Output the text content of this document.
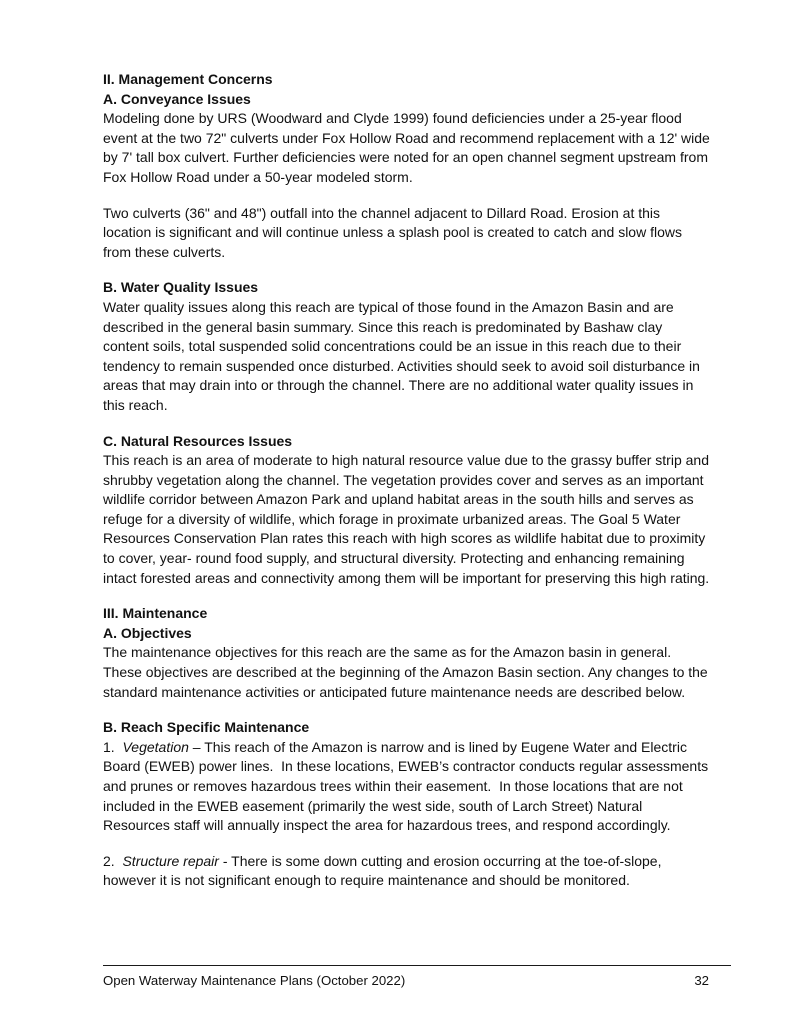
II. Management Concerns
A. Conveyance Issues

Modeling done by URS (Woodward and Clyde 1999) found deficiencies under a 25-year flood event at the two 72" culverts under Fox Hollow Road and recommend replacement with a 12' wide by 7' tall box culvert. Further deficiencies were noted for an open channel segment upstream from Fox Hollow Road under a 50-year modeled storm.

Two culverts (36" and 48") outfall into the channel adjacent to Dillard Road. Erosion at this location is significant and will continue unless a splash pool is created to catch and slow flows from these culverts.

B. Water Quality Issues

Water quality issues along this reach are typical of those found in the Amazon Basin and are described in the general basin summary. Since this reach is predominated by Bashaw clay content soils, total suspended solid concentrations could be an issue in this reach due to their tendency to remain suspended once disturbed. Activities should seek to avoid soil disturbance in areas that may drain into or through the channel. There are no additional water quality issues in this reach.

C. Natural Resources Issues

This reach is an area of moderate to high natural resource value due to the grassy buffer strip and shrubby vegetation along the channel. The vegetation provides cover and serves as an important wildlife corridor between Amazon Park and upland habitat areas in the south hills and serves as refuge for a diversity of wildlife, which forage in proximate urbanized areas. The Goal 5 Water Resources Conservation Plan rates this reach with high scores as wildlife habitat due to proximity to cover, year- round food supply, and structural diversity. Protecting and enhancing remaining intact forested areas and connectivity among them will be important for preserving this high rating.

III. Maintenance
A. Objectives

The maintenance objectives for this reach are the same as for the Amazon basin in general. These objectives are described at the beginning of the Amazon Basin section. Any changes to the standard maintenance activities or anticipated future maintenance needs are described below.

B. Reach Specific Maintenance

1.  Vegetation – This reach of the Amazon is narrow and is lined by Eugene Water and Electric Board (EWEB) power lines.  In these locations, EWEB’s contractor conducts regular assessments and prunes or removes hazardous trees within their easement.  In those locations that are not included in the EWEB easement (primarily the west side, south of Larch Street) Natural Resources staff will annually inspect the area for hazardous trees, and respond accordingly.

2.  Structure repair - There is some down cutting and erosion occurring at the toe-of-slope, however it is not significant enough to require maintenance and should be monitored.

Open Waterway Maintenance Plans (October 2022)	32
